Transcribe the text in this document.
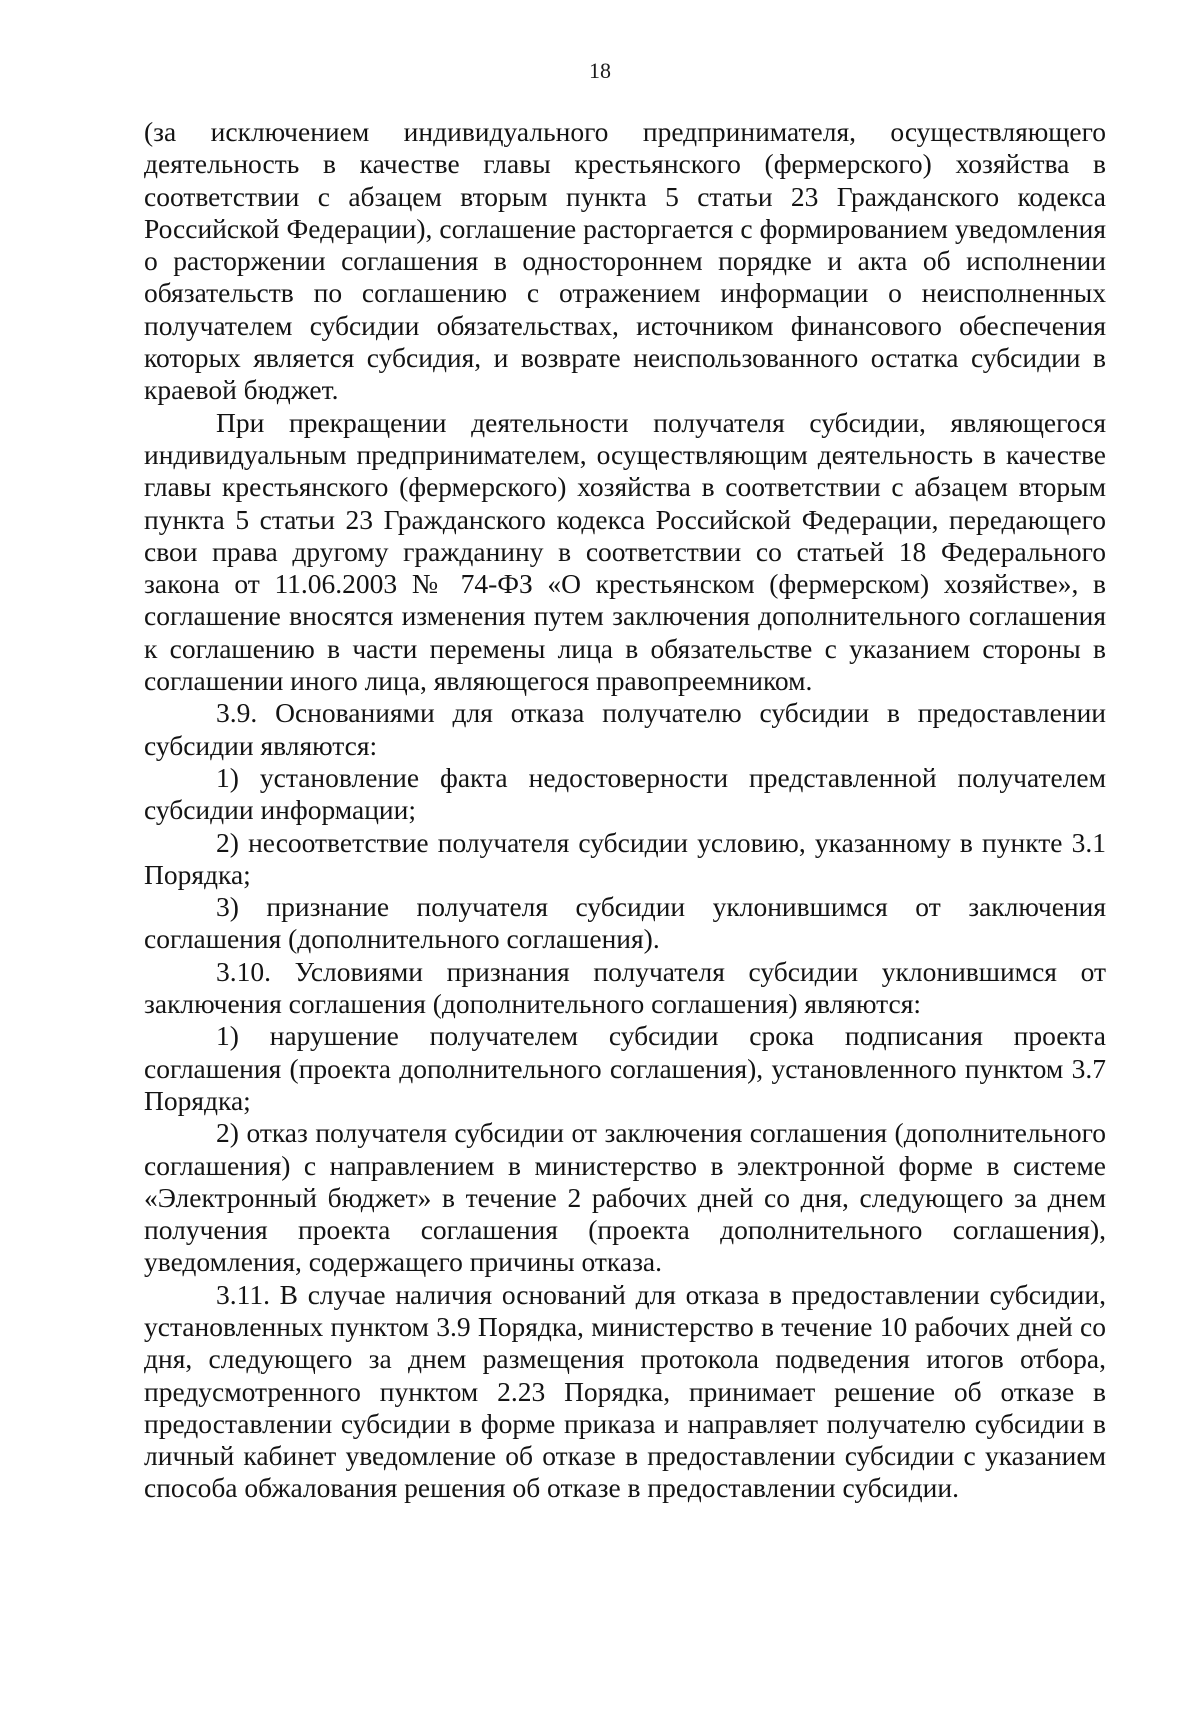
18

(за исключением индивидуального предпринимателя, осуществляющего деятельность в качестве главы крестьянского (фермерского) хозяйства в соответствии с абзацем вторым пункта 5 статьи 23 Гражданского кодекса Российской Федерации), соглашение расторгается с формированием уведомления о расторжении соглашения в одностороннем порядке и акта об исполнении обязательств по соглашению с отражением информации о неисполненных получателем субсидии обязательствах, источником финансового обеспечения которых является субсидия, и возврате неиспользованного остатка субсидии в краевой бюджет.

При прекращении деятельности получателя субсидии, являющегося индивидуальным предпринимателем, осуществляющим деятельность в качестве главы крестьянского (фермерского) хозяйства в соответствии с абзацем вторым пункта 5 статьи 23 Гражданского кодекса Российской Федерации, передающего свои права другому гражданину в соответствии со статьей 18 Федерального закона от 11.06.2003 № 74-ФЗ «О крестьянском (фермерском) хозяйстве», в соглашение вносятся изменения путем заключения дополнительного соглашения к соглашению в части перемены лица в обязательстве с указанием стороны в соглашении иного лица, являющегося правопреемником.

3.9. Основаниями для отказа получателю субсидии в предоставлении субсидии являются:

1) установление факта недостоверности представленной получателем субсидии информации;

2) несоответствие получателя субсидии условию, указанному в пункте 3.1 Порядка;

3) признание получателя субсидии уклонившимся от заключения соглашения (дополнительного соглашения).

3.10. Условиями признания получателя субсидии уклонившимся от заключения соглашения (дополнительного соглашения) являются:

1) нарушение получателем субсидии срока подписания проекта соглашения (проекта дополнительного соглашения), установленного пунктом 3.7 Порядка;

2) отказ получателя субсидии от заключения соглашения (дополнительного соглашения) с направлением в министерство в электронной форме в системе «Электронный бюджет» в течение 2 рабочих дней со дня, следующего за днем получения проекта соглашения (проекта дополнительного соглашения), уведомления, содержащего причины отказа.

3.11. В случае наличия оснований для отказа в предоставлении субсидии, установленных пунктом 3.9 Порядка, министерство в течение 10 рабочих дней со дня, следующего за днем размещения протокола подведения итогов отбора, предусмотренного пунктом 2.23 Порядка, принимает решение об отказе в предоставлении субсидии в форме приказа и направляет получателю субсидии в личный кабинет уведомление об отказе в предоставлении субсидии с указанием способа обжалования решения об отказе в предоставлении субсидии.
